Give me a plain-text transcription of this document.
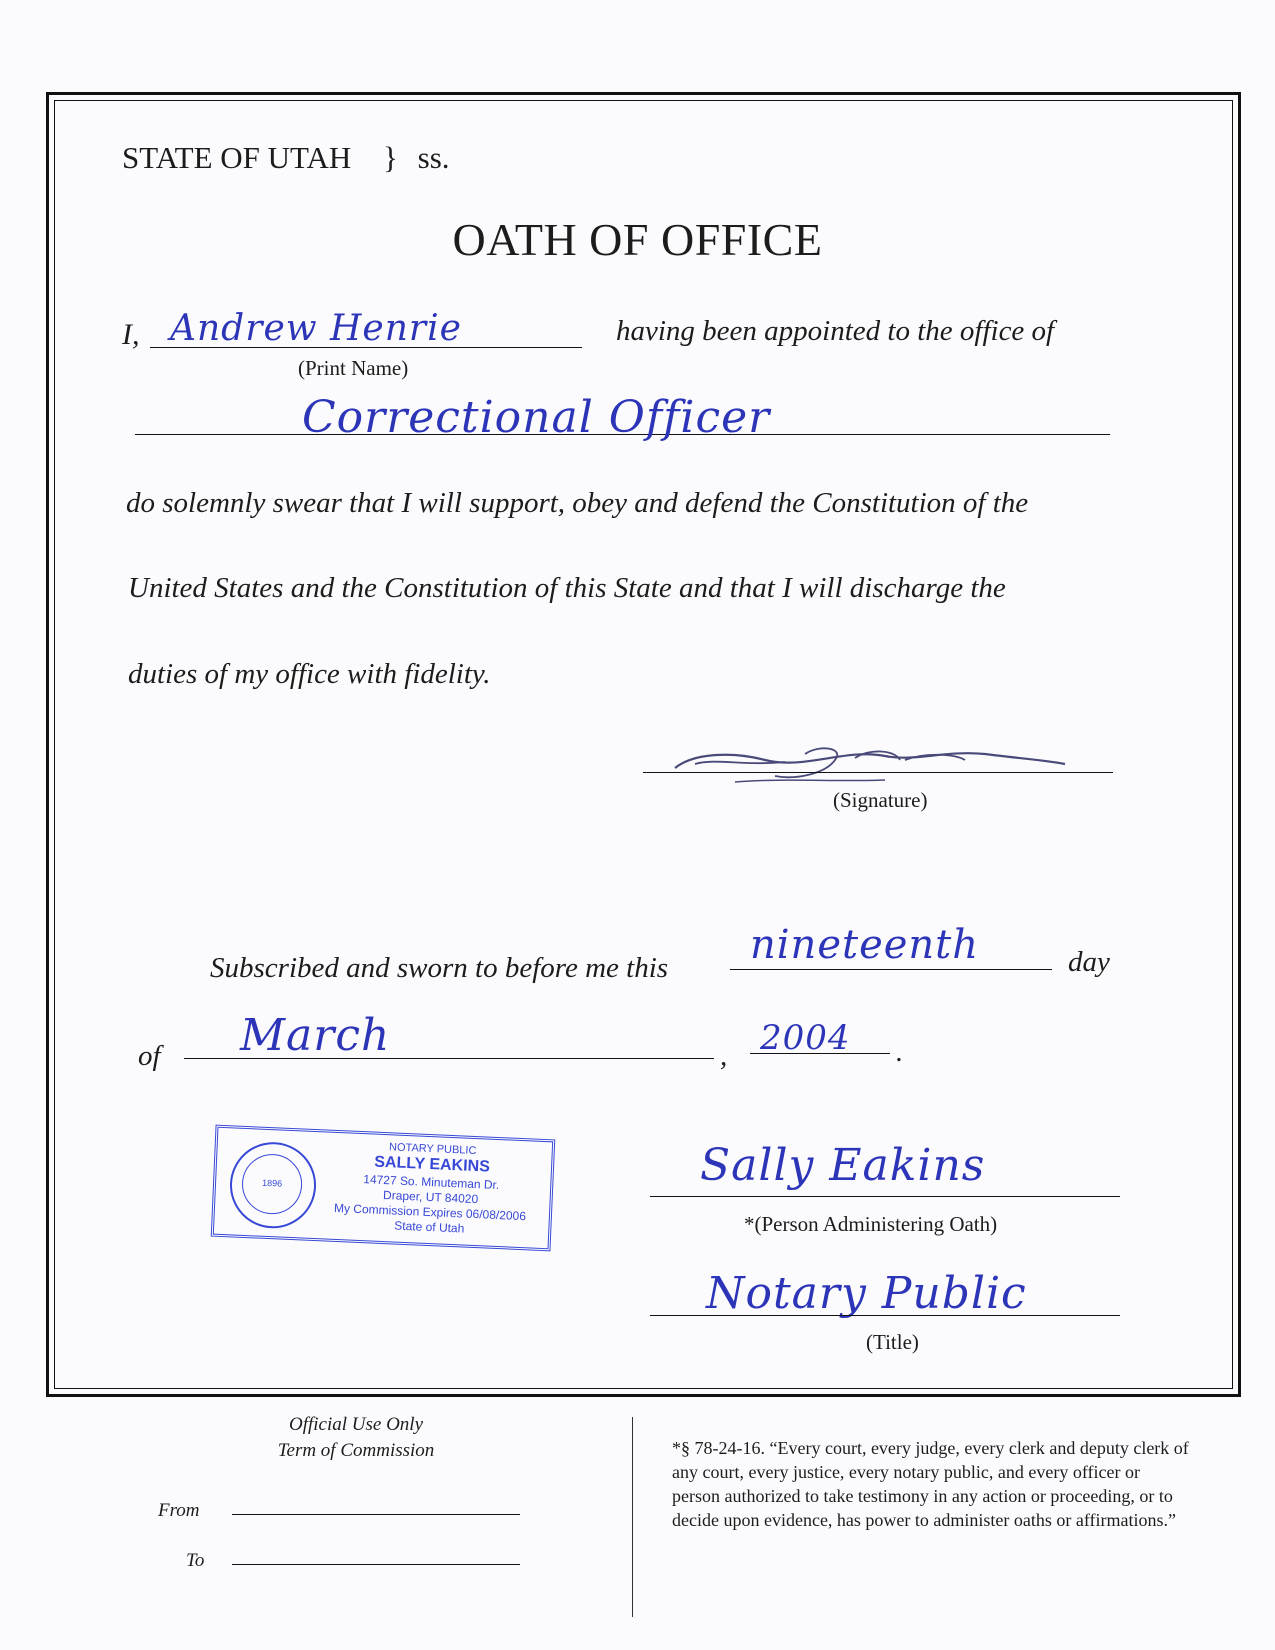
STATE OF UTAH } ss.
OATH OF OFFICE
I, Andrew Henrie
(Print Name)
having been appointed to the office of
Correctional Officer
do solemnly swear that I will support, obey and defend the Constitution of the
United States and the Constitution of this State and that I will discharge the
duties of my office with fidelity.
(Signature)
Subscribed and sworn to before me this nineteenth	day
of March	, 2004 .
1896
NOTARY PUBLIC
SALLY EAKINS
14727 So. Minuteman Dr.
Draper, UT 84020
My Commission Expires 06/08/2006
State of Utah
Sally Eakins
*(Person Administering Oath)
Notary Public
(Title)
Official Use Only
Term of Commission
From
To
*§ 78-24-16. “Every court, every judge, every clerk and deputy clerk of any court, every justice, every notary public, and every officer or person authorized to take testimony in any action or proceeding, or to decide upon evidence, has power to administer oaths or affirmations.”
